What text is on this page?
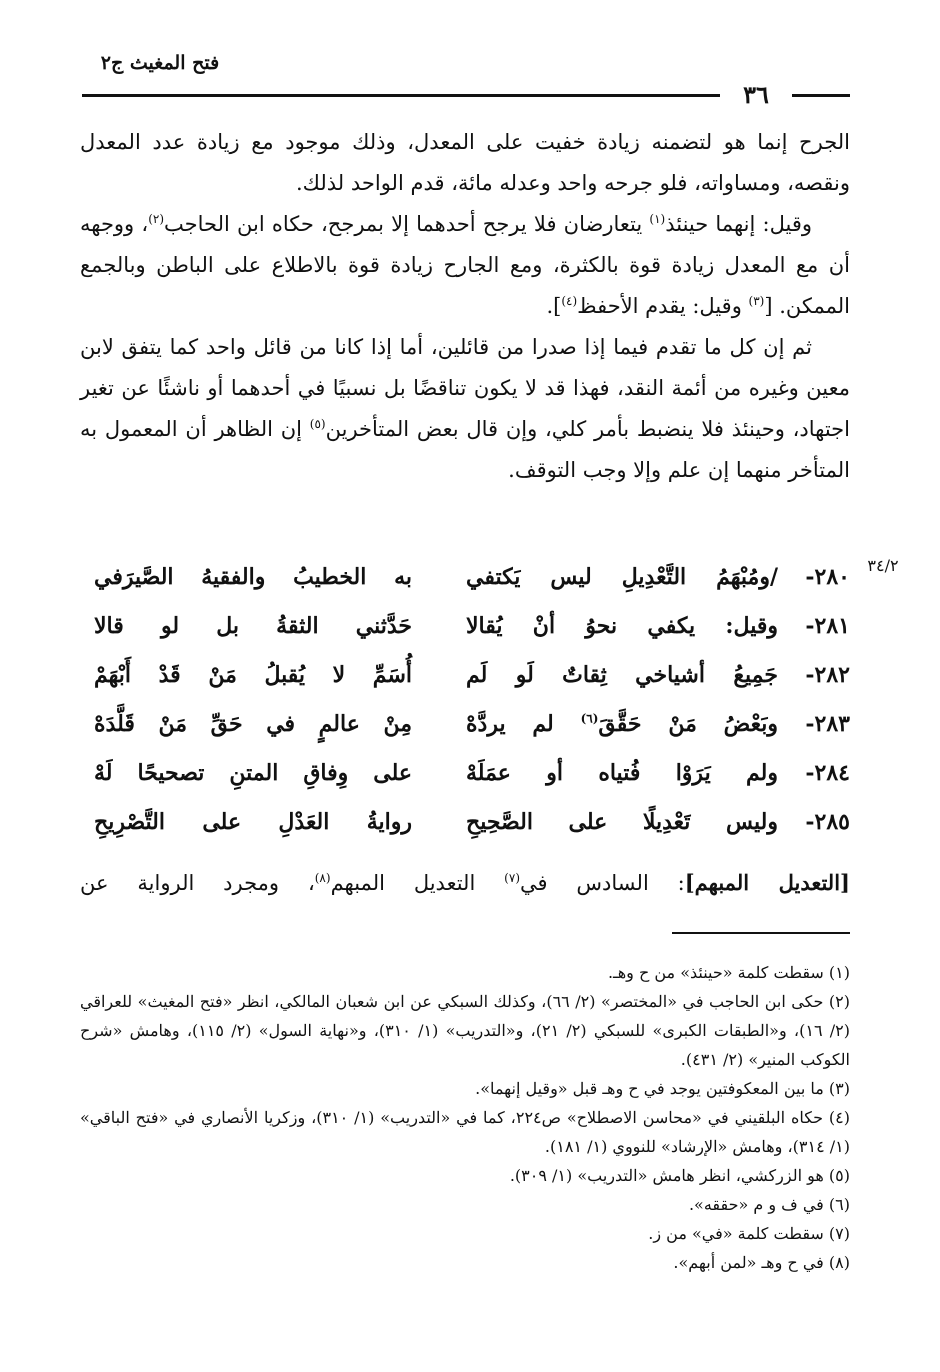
فتح المغيث ج٢
٣٦

الجرح إنما هو لتضمنه زيادة خفيت على المعدل، وذلك موجود مع زيادة عدد المعدل ونقصه، ومساواته، فلو جرحه واحد وعدله مائة، قدم الواحد لذلك.

وقيل: إنهما حينئذ$^{(١)}$ يتعارضان فلا يرجح أحدهما إلا بمرجح، حكاه ابن الحاجب$^{(٢)}$، ووجهه أن مع المعدل زيادة قوة بالكثرة، ومع الجارح زيادة قوة بالاطلاع على الباطن وبالجمع الممكن. [$^{(٣)}$ وقيل: يقدم الأحفظ$^{(٤)}$].

ثم إن كل ما تقدم فيما إذا صدرا من قائلين، أما إذا كانا من قائل واحد كما يتفق لابن معين وغيره من أئمة النقد، فهذا قد لا يكون تناقضًا بل نسبيًا في أحدهما أو ناشئًا عن تغير اجتهاد، وحينئذ فلا ينضبط بأمر كلي، وإن قال بعض المتأخرين$^{(٥)}$ إن الظاهر أن المعمول به المتأخر منهما إن علم وإلا وجب التوقف.

٣٤/٢
٢٨٠-
/ومُبْهَمُ التَّعْدِيلِ ليس يَكتفي
به الخطيبُ والفقيهُ الصَّيرَفي
٢٨١-
وقيل: يكفي نحوُ أنْ يُقالا
حَدَّثني الثقةُ بل لو قالا
٢٨٢-
جَمِيعُ أشياخي ثِقاتٌ لَو لَم
أُسَمِّ لا يُقبلُ مَنْ قَدْ أَبْهَمْ
٢٨٣-
وبَعْضُ مَنْ حَقَّقَ$^{(٦)}$ لم يردَّهْ
مِنْ عالمٍ في حَقِّ مَنْ قَلَّدَهْ
٢٨٤-
ولم يَرَوْا فُتياه أو عمَلَهْ
على وِفاقِ المتنِ تصحيحًا لَهْ
٢٨٥-
وليس تَعْدِيلًا على الصَّحِيحِ
روايةُ العَدْلِ على التَّصْرِيحِ
[التعديل المبهم]: السادس في$^{(٧)}$ التعديل المبهم$^{(٨)}$، ومجرد الرواية عن

(١) سقطت كلمة «حينئذ» من ح وهـ.

(٢) حكى ابن الحاجب في «المختصر» (٢/ ٦٦)، وكذلك السبكي عن ابن شعبان المالكي، انظر «فتح المغيث» للعراقي (٢/ ١٦)، و«الطبقات الكبرى» للسبكي (٢/ ٢١)، و«التدريب» (١/ ٣١٠)، و«نهاية السول» (٢/ ١١٥)، وهامش «شرح الكوكب المنير» (٢/ ٤٣١).

(٣) ما بين المعكوفتين يوجد في ح وهـ قبل «وقيل إنهما».

(٤) حكاه البلقيني في «محاسن الاصطلاح» ص٢٢٤، كما في «التدريب» (١/ ٣١٠)، وزكريا الأنصاري في «فتح الباقي» (١/ ٣١٤)، وهامش «الإرشاد» للنووي (١/ ١٨١).

(٥) هو الزركشي، انظر هامش «التدريب» (١/ ٣٠٩).

(٦) في ف و م «حققه».

(٧) سقطت كلمة «في» من ز.

(٨) في ح وهـ «لمن أبهم».
